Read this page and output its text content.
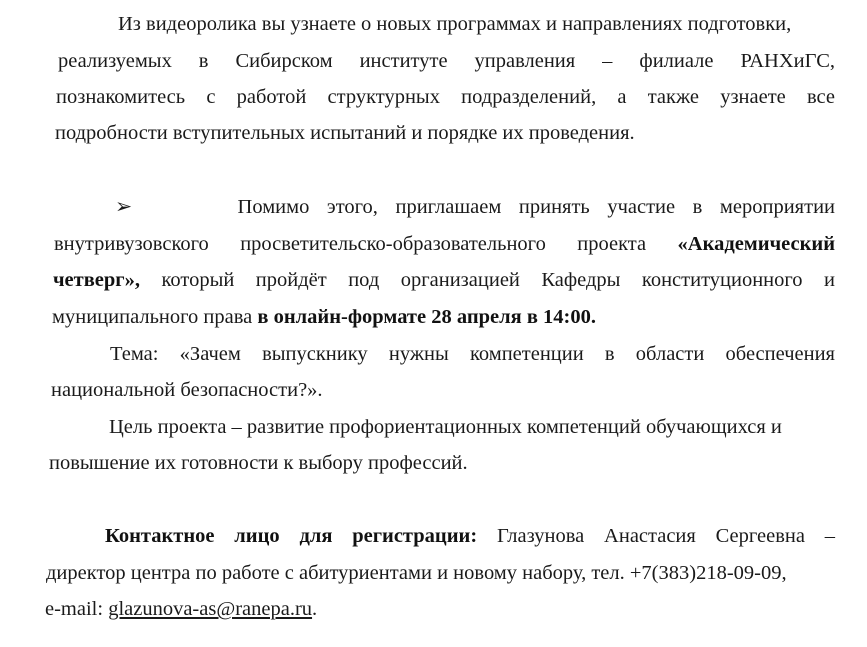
Из видеоролика вы узнаете о новых программах и направлениях подготовки,
реализуемых в Сибирском институте управления – филиале РАНХиГС,
познакомитесь с работой структурных подразделений, а также узнаете все
подробности вступительных испытаний и порядке их проведения.
➢	Помимо этого, приглашаем принять участие в мероприятии
внутривузовского просветительско-образовательного проекта «Академический
четверг», который пройдёт под организацией Кафедры конституционного и
муниципального права в онлайн-формате 28 апреля в 14:00.
Тема: «Зачем выпускнику нужны компетенции в области обеспечения
национальной безопасности?».
Цель проекта – развитие профориентационных компетенций обучающихся и
повышение их готовности к выбору профессий.
Контактное лицо для регистрации: Глазунова Анастасия Сергеевна –
директор центра по работе с абитуриентами и новому набору, тел. +7(383)218-09-09,
e-mail: glazunova-as@ranepa.ru.
